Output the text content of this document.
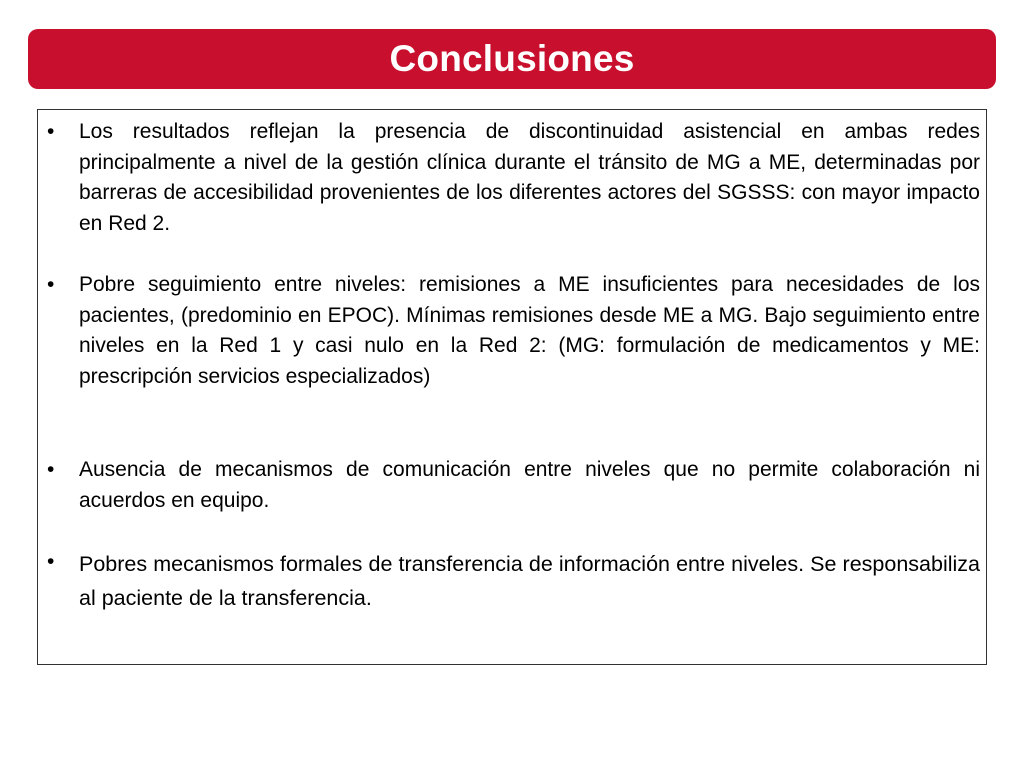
Conclusiones
• Los resultados reflejan la presencia de discontinuidad asistencial en ambas redes principalmente a nivel de la gestión clínica durante el tránsito de MG a ME, determinadas por barreras de accesibilidad provenientes de los diferentes actores del SGSSS: con mayor impacto en Red 2.
• Pobre seguimiento entre niveles: remisiones a ME insuficientes para necesidades de los pacientes, (predominio en EPOC). Mínimas remisiones desde ME a MG. Bajo seguimiento entre niveles en la Red 1 y casi nulo en la Red 2: (MG: formulación de medicamentos y ME: prescripción servicios especializados)
• Ausencia de mecanismos de comunicación entre niveles que no permite colaboración ni acuerdos en equipo.
• Pobres mecanismos formales de transferencia de información entre niveles. Se responsabiliza al paciente de la transferencia.
